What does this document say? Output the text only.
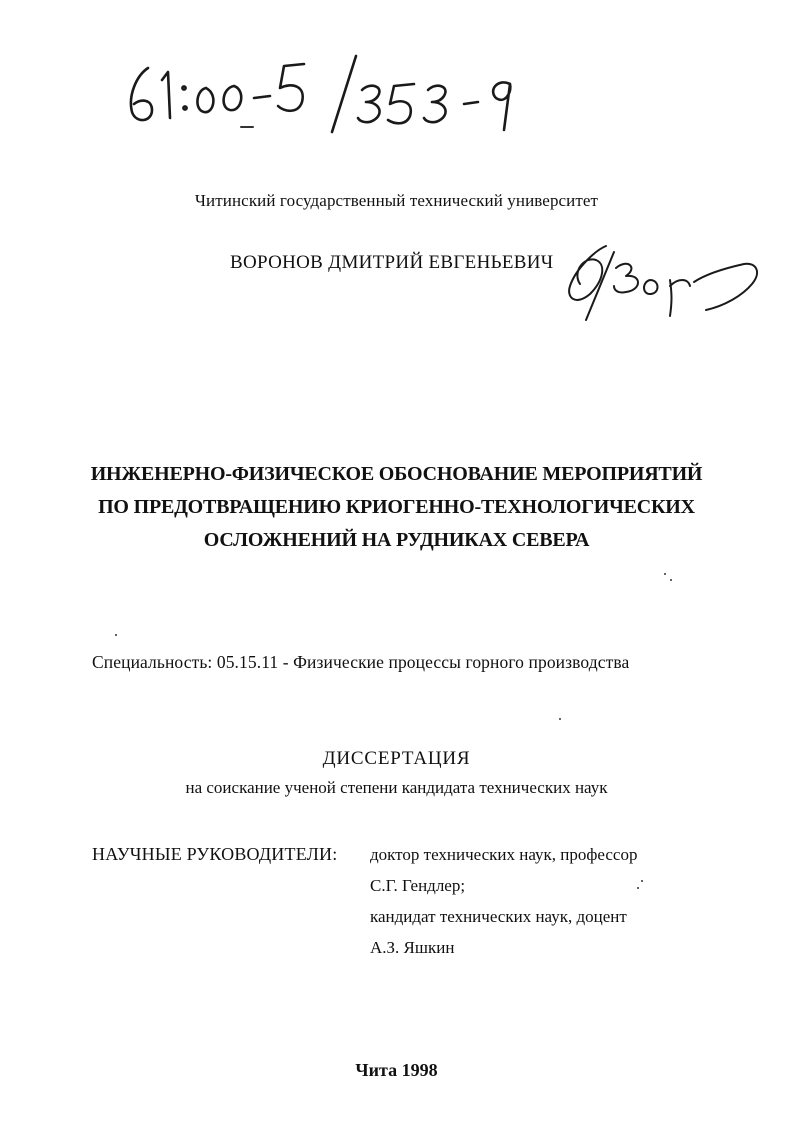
Читинский государственный технический университет
ВОРОНОВ ДМИТРИЙ ЕВГЕНЬЕВИЧ
ИНЖЕНЕРНО-ФИЗИЧЕСКОЕ ОБОСНОВАНИЕ МЕРОПРИЯТИЙ
ПО ПРЕДОТВРАЩЕНИЮ КРИОГЕННО-ТЕХНОЛОГИЧЕСКИХ
ОСЛОЖНЕНИЙ НА РУДНИКАХ СЕВЕРА
Специальность: 05.15.11 - Физические процессы горного производства
ДИССЕРТАЦИЯ
на соискание ученой степени кандидата технических наук
НАУЧНЫЕ РУКОВОДИТЕЛИ: доктор технических наук, профессор
С.Г. Гендлер;
кандидат технических наук, доцент
А.З. Яшкин
Чита 1998
